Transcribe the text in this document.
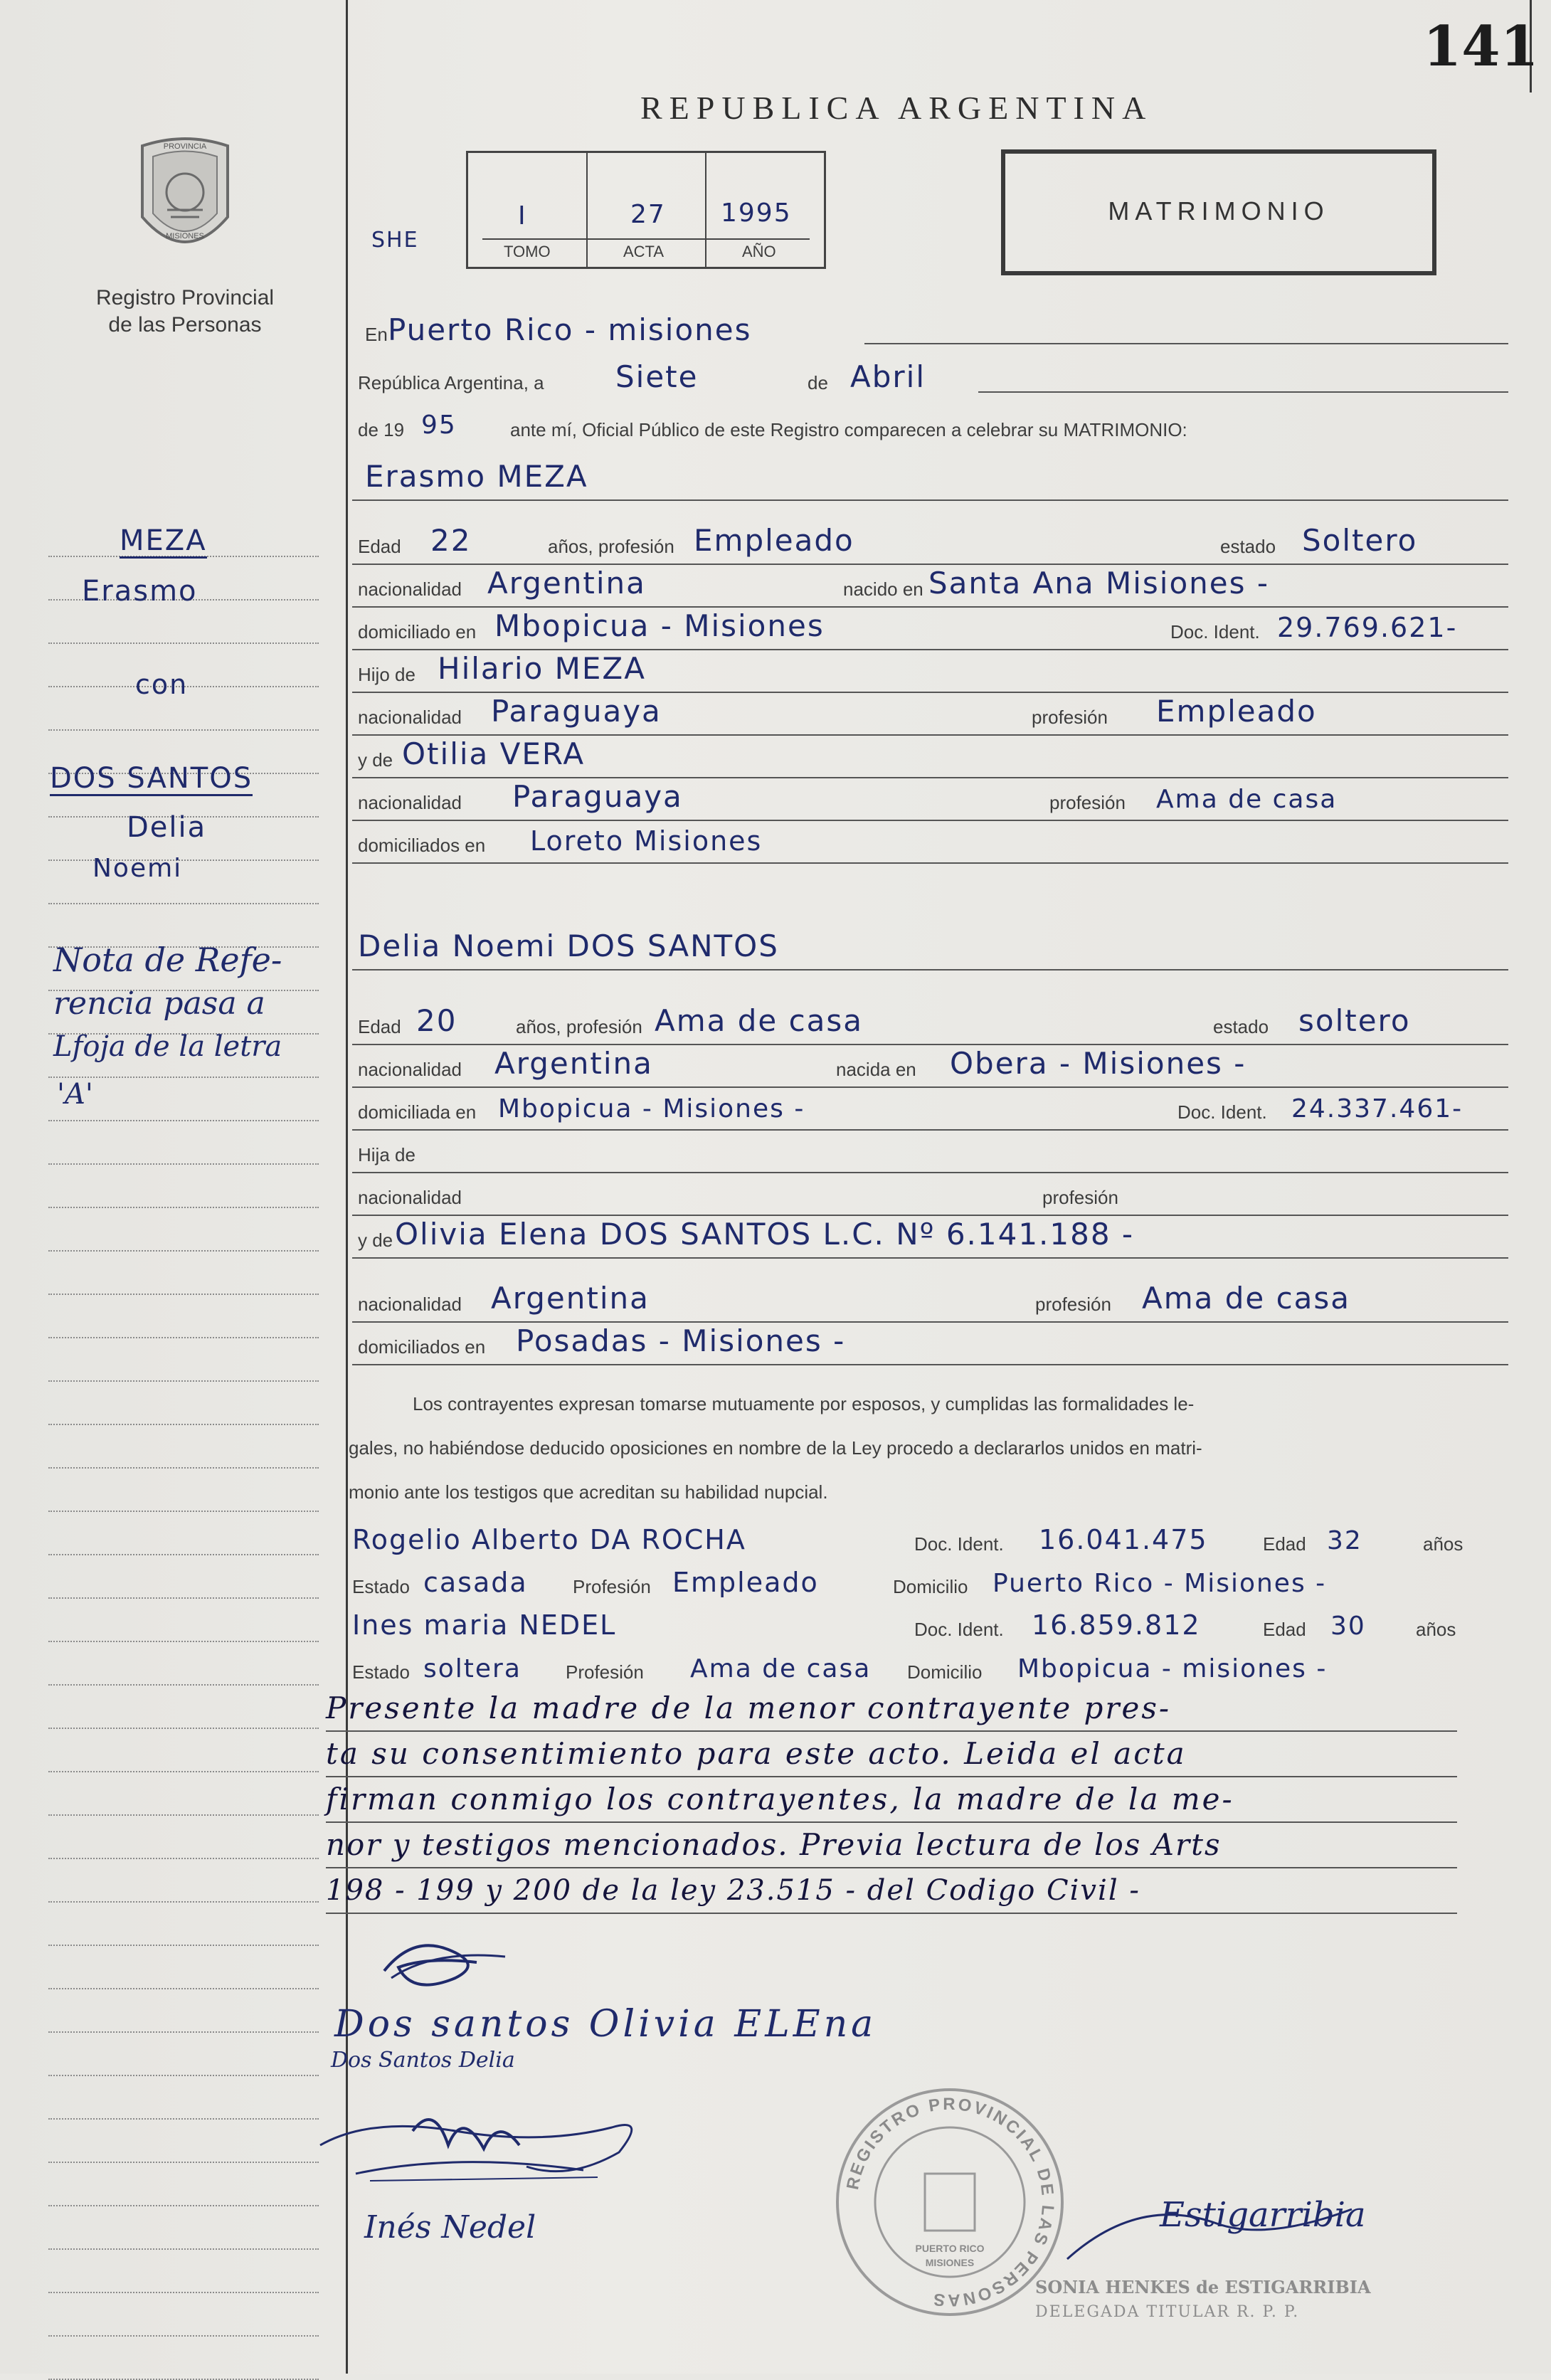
141
REPUBLICA ARGENTINA
PROVINCIA
MISIONES
Registro Provincial
de las Personas
SHE
I	27 1995
TOMO	ACTA	AÑO
MATRIMONIO
En Puerto Rico - misiones
República Argentina, a Siete	de Abril
de 19 95	ante mí, Oficial Público de este Registro comparecen a celebrar su MATRIMONIO:
Erasmo MEZA
Edad 22	años, profesión Empleado	estado Soltero
nacionalidad Argentina	nacido en Santa Ana Misiones -
domiciliado en Mbopicua - Misiones	Doc. Ident. 29.769.621-
Hijo de Hilario MEZA
nacionalidad Paraguaya	profesión Empleado
y de Otilia VERA
nacionalidad Paraguaya	profesión Ama de casa
domiciliados en Loreto Misiones
Delia Noemi DOS SANTOS
Edad 20	años, profesión Ama de casa	estado soltero
nacionalidad Argentina	nacida en Obera - Misiones -
domiciliada en Mbopicua - Misiones -	Doc. Ident. 24.337.461-
Hija de
nacionalidad	profesión
y de Olivia Elena DOS SANTOS L.C. Nº 6.141.188 -
nacionalidad Argentina	profesión Ama de casa
domiciliados en Posadas - Misiones -
Los contrayentes expresan tomarse mutuamente por esposos, y cumplidas las formalidades le-
gales, no habiéndose deducido oposiciones en nombre de la Ley procedo a declararlos unidos en matri-
monio ante los testigos que acreditan su habilidad nupcial.
Rogelio Alberto DA ROCHA	Doc. Ident. 16.041.475	Edad 32	años
Estado casada Profesión Empleado	Domicilio Puerto Rico - Misiones -
Ines maria NEDEL	Doc. Ident. 16.859.812	Edad 30	años
Estado soltera Profesión Ama de casa Domicilio Mbopicua - misiones -
Presente la madre de la menor contrayente pres-
ta su consentimiento para este acto. Leida el acta
firman conmigo los contrayentes, la madre de la me-
nor y testigos mencionados. Previa lectura de los Arts
198 - 199 y 200 de la ley 23.515 - del Codigo Civil -
Dos santos Olivia ELEna
Dos Santos Delia
Inés Nedel
REGISTRO PROVINCIAL DE LAS PERSONAS
PUERTO RICO
MISIONES
Estigarribia
SONIA HENKES de ESTIGARRIBIA
DELEGADA TITULAR R. P. P.
MEZA
Erasmo
con
DOS SANTOS
Delia
Noemi
Nota de Refe-
rencia pasa a
Lfoja de la letra
'A'
